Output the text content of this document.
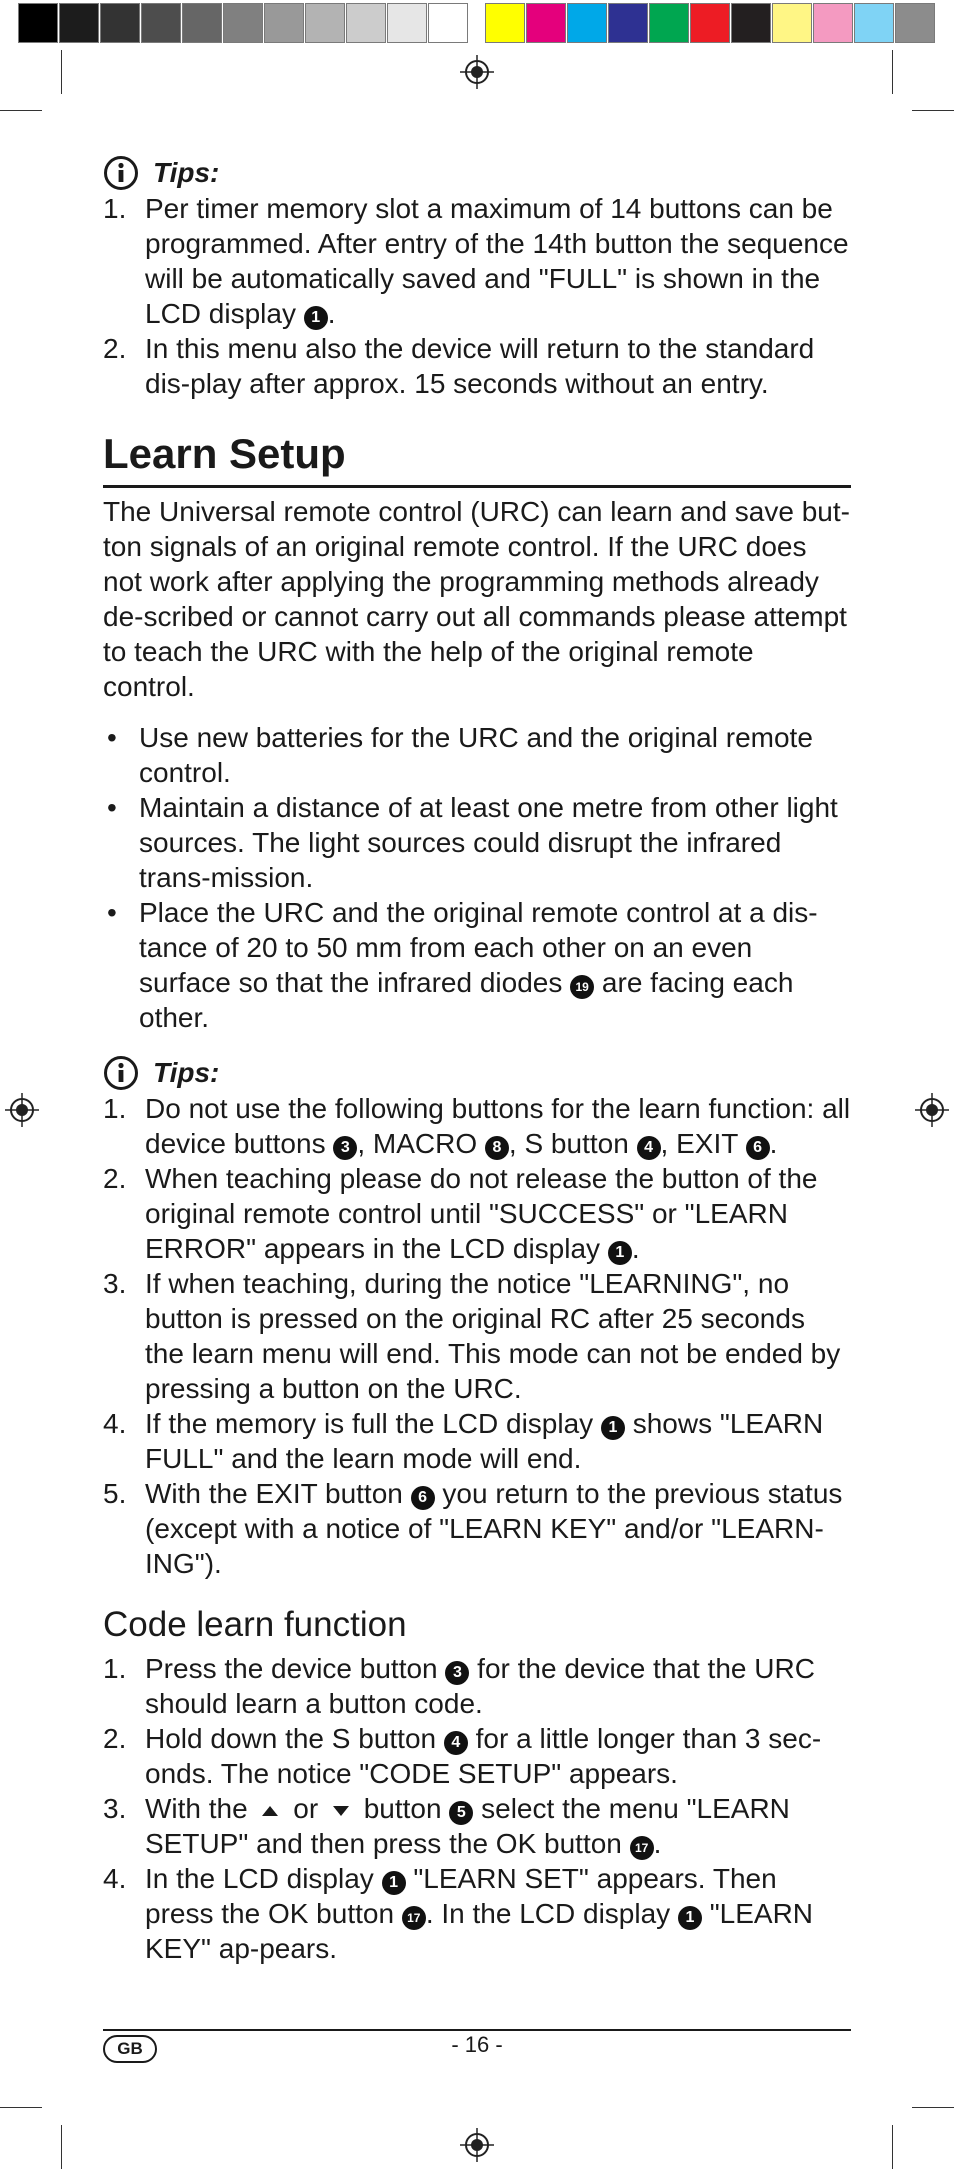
Tips:
1. Per timer memory slot a maximum of 14 buttons can be programmed. After entry of the 14th button the sequence will be automatically saved and "FULL" is shown in the LCD display 1 .
2. In this menu also the device will return to the standard dis-play after approx. 15 seconds without an entry.
Learn Setup
The Universal remote control (URC) can learn and save but-ton signals of an original remote control. If the URC does not work after applying the programming methods already de-scribed or cannot carry out all commands please attempt to teach the URC with the help of the original remote control.
• Use new batteries for the URC and the original remote control.
• Maintain a distance of at least one metre from other light sources. The light sources could disrupt the infrared trans-mission.
• Place the URC and the original remote control at a dis-tance of 20 to 50 mm from each other on an even surface so that the infrared diodes 19 are facing each other.
Tips:
1. Do not use the following buttons for the learn function: all device buttons 3 , MACRO 8 , S button 4 , EXIT 6 .
2. When teaching please do not release the button of the original remote control until "SUCCESS" or "LEARN ERROR" appears in the LCD display 1 .
3. If when teaching, during the notice "LEARNING", no button is pressed on the original RC after 25 seconds the learn menu will end. This mode can not be ended by pressing a button on the URC.
4. If the memory is full the LCD display 1 shows "LEARN FULL" and the learn mode will end.
5. With the EXIT button 6 you return to the previous status (except with a notice of "LEARN KEY" and/or "LEARN-ING").
Code learn function
1. Press the device button 3 for the device that the URC should learn a button code.
2. Hold down the S button 4 for a little longer than 3 sec-onds. The notice "CODE SETUP" appears.
3. With the  or  button 5 select the menu "LEARN SETUP" and then press the OK button 17 .
4. In the LCD display 1 "LEARN SET" appears. Then press the OK button 17 . In the LCD display 1 "LEARN KEY" ap-pears.
GB	- 16 -
